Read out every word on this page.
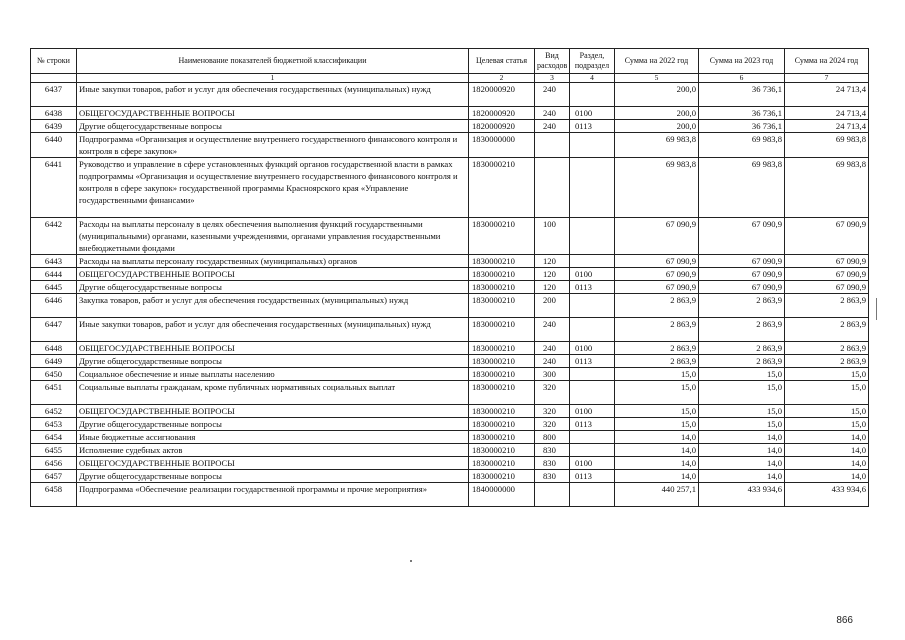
№ строки	Наименование показателей бюджетной классификации	Целевая статья	Вид расходов	Раздел, подраздел	Сумма на 2022 год	Сумма на 2023 год	Сумма на 2024 год
	1	2	3	4	5	6	7
6437	Иные закупки товаров, работ и услуг для обеспечения государственных (муниципальных) нужд	1820000920	240		200,0	36 736,1	24 713,4
6438	ОБЩЕГОСУДАРСТВЕННЫЕ ВОПРОСЫ	1820000920	240	0100	200,0	36 736,1	24 713,4
6439	Другие общегосударственные вопросы	1820000920	240	0113	200,0	36 736,1	24 713,4
6440	Подпрограмма «Организация и осуществление внутреннего государственного финансового контроля и контроля в сфере закупок»	1830000000			69 983,8	69 983,8	69 983,8
6441	Руководство и управление в сфере установленных функций органов государственной власти в рамках подпрограммы «Организация и осуществление внутреннего государственного финансового контроля и контроля в сфере закупок» государственной программы Красноярского края «Управление государственными финансами»	1830000210			69 983,8	69 983,8	69 983,8
6442	Расходы на выплаты персоналу в целях обеспечения выполнения функций государственными (муниципальными) органами, казенными учреждениями, органами управления государственными внебюджетными фондами	1830000210	100		67 090,9	67 090,9	67 090,9
6443	Расходы на выплаты персоналу государственных (муниципальных) органов	1830000210	120		67 090,9	67 090,9	67 090,9
6444	ОБЩЕГОСУДАРСТВЕННЫЕ ВОПРОСЫ	1830000210	120	0100	67 090,9	67 090,9	67 090,9
6445	Другие общегосударственные вопросы	1830000210	120	0113	67 090,9	67 090,9	67 090,9
6446	Закупка товаров, работ и услуг для обеспечения государственных (муниципальных) нужд	1830000210	200		2 863,9	2 863,9	2 863,9
6447	Иные закупки товаров, работ и услуг для обеспечения государственных (муниципальных) нужд	1830000210	240		2 863,9	2 863,9	2 863,9
6448	ОБЩЕГОСУДАРСТВЕННЫЕ ВОПРОСЫ	1830000210	240	0100	2 863,9	2 863,9	2 863,9
6449	Другие общегосударственные вопросы	1830000210	240	0113	2 863,9	2 863,9	2 863,9
6450	Социальное обеспечение и иные выплаты населению	1830000210	300		15,0	15,0	15,0
6451	Социальные выплаты гражданам, кроме публичных нормативных социальных выплат	1830000210	320		15,0	15,0	15,0
6452	ОБЩЕГОСУДАРСТВЕННЫЕ ВОПРОСЫ	1830000210	320	0100	15,0	15,0	15,0
6453	Другие общегосударственные вопросы	1830000210	320	0113	15,0	15,0	15,0
6454	Иные бюджетные ассигнования	1830000210	800		14,0	14,0	14,0
6455	Исполнение судебных актов	1830000210	830		14,0	14,0	14,0
6456	ОБЩЕГОСУДАРСТВЕННЫЕ ВОПРОСЫ	1830000210	830	0100	14,0	14,0	14,0
6457	Другие общегосударственные вопросы	1830000210	830	0113	14,0	14,0	14,0
6458	Подпрограмма «Обеспечение реализации государственной программы и прочие мероприятия»	1840000000			440 257,1	433 934,6	433 934,6
866
